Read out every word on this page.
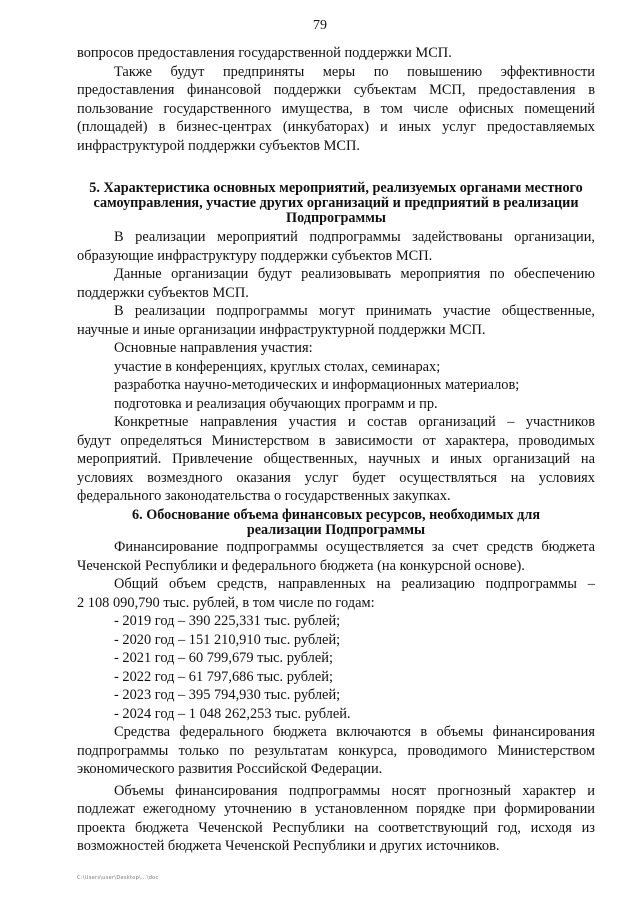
79
вопросов предоставления государственной поддержки МСП.
Также будут предприняты меры по повышению эффективности
предоставления финансовой поддержки субъектам МСП, предоставления в
пользование государственного имущества, в том числе офисных помещений
(площадей) в бизнес-центрах (инкубаторах) и иных услуг предоставляемых
инфраструктурой поддержки субъектов МСП.
5. Характеристика основных мероприятий, реализуемых органами местного
самоуправления, участие других организаций и предприятий в реализации
Подпрограммы
В реализации мероприятий подпрограммы задействованы организации,
образующие инфраструктуру поддержки субъектов МСП.
Данные организации будут реализовывать мероприятия по обеспечению
поддержки субъектов МСП.
В реализации подпрограммы могут принимать участие общественные,
научные и иные организации инфраструктурной поддержки МСП.
Основные направления участия:
участие в конференциях, круглых столах, семинарах;
разработка научно-методических и информационных материалов;
подготовка и реализация обучающих программ и пр.
Конкретные направления участия и состав организаций – участников
будут определяться Министерством в зависимости от характера, проводимых
мероприятий. Привлечение общественных, научных и иных организаций на
условиях возмездного оказания услуг будет осуществляться на условиях
федерального законодательства о государственных закупках.
6. Обоснование объема финансовых ресурсов, необходимых для
реализации Подпрограммы
Финансирование подпрограммы осуществляется за счет средств бюджета
Чеченской Республики и федерального бюджета (на конкурсной основе).
Общий объем средств, направленных на реализацию подпрограммы –
2 108 090,790 тыс. рублей, в том числе по годам:
- 2019 год – 390 225,331 тыс. рублей;
- 2020 год – 151 210,910 тыс. рублей;
- 2021 год – 60 799,679 тыс. рублей;
- 2022 год – 61 797,686 тыс. рублей;
- 2023 год – 395 794,930 тыс. рублей;
- 2024 год – 1 048 262,253 тыс. рублей.
Средства федерального бюджета включаются в объемы финансирования
подпрограммы только по результатам конкурса, проводимого Министерством
экономического развития Российской Федерации.
Объемы финансирования подпрограммы носят прогнозный характер и
подлежат ежегодному уточнению в установленном порядке при формировании
проекта бюджета Чеченской Республики на соответствующий год, исходя из
возможностей бюджета Чеченской Республики и других источников.
C:\Users\user\Desktop\...\doc
